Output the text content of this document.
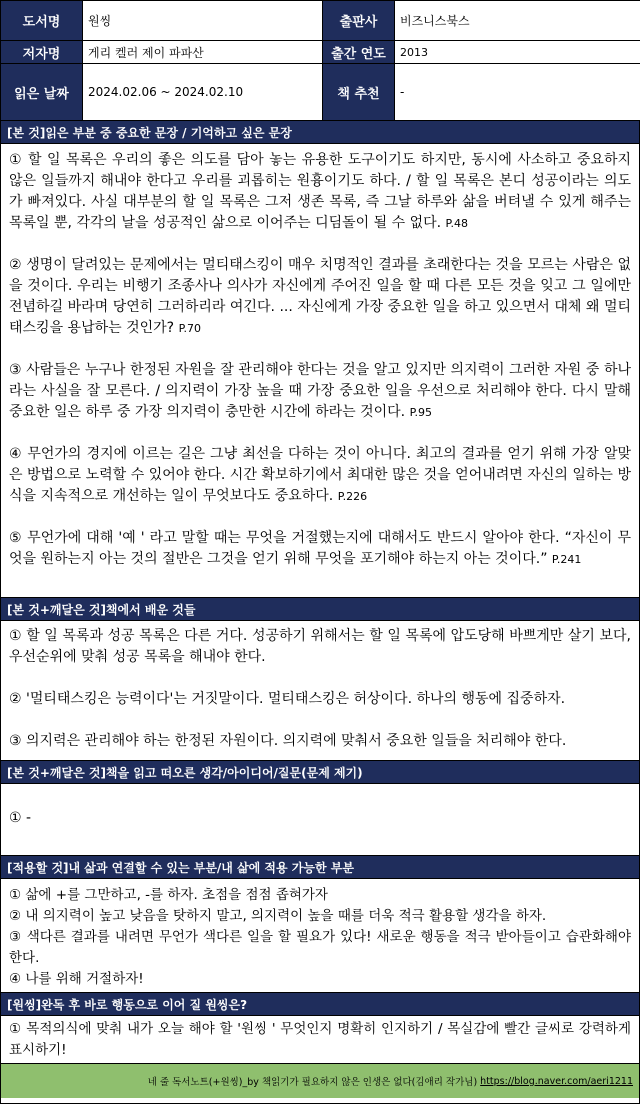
도서명	원씽	출판사	비즈니스북스
저자명	게리 켈러 제이 파파산	출간 연도	2013
읽은 날짜	2024.02.06 ~ 2024.02.10	책 추천	-
[본 것]읽은 부분 중 중요한 문장 / 기억하고 싶은 문장

① 할 일 목록은 우리의 좋은 의도를 담아 놓는 유용한 도구이기도 하지만, 동시에 사소하고 중요하지 않은 일들까지 해내야 한다고 우리를 괴롭히는 원흉이기도 하다. / 할 일 목록은 본디 성공이라는 의도가 빠져있다. 사실 대부분의 할 일 목록은 그저 생존 목록, 즉 그날 하루와 삶을 버텨낼 수 있게 해주는 목록일 뿐, 각각의 날을 성공적인 삶으로 이어주는 디딤돌이 될 수 없다. P.48

② 생명이 달려있는 문제에서는 멀티태스킹이 매우 치명적인 결과를 초래한다는 것을 모르는 사람은 없을 것이다. 우리는 비행기 조종사나 의사가 자신에게 주어진 일을 할 때 다른 모든 것을 잊고 그 일에만 전념하길 바라며 당연히 그러하리라 여긴다. ... 자신에게 가장 중요한 일을 하고 있으면서 대체 왜 멀티태스킹을 용납하는 것인가? P.70

③ 사람들은 누구나 한정된 자원을 잘 관리해야 한다는 것을 알고 있지만 의지력이 그러한 자원 중 하나라는 사실을 잘 모른다. / 의지력이 가장 높을 때 가장 중요한 일을 우선으로 처리해야 한다. 다시 말해 중요한 일은 하루 중 가장 의지력이 충만한 시간에 하라는 것이다. P.95

④ 무언가의 경지에 이르는 길은 그냥 최선을 다하는 것이 아니다. 최고의 결과를 얻기 위해 가장 알맞은 방법으로 노력할 수 있어야 한다. 시간 확보하기에서 최대한 많은 것을 얻어내려면 자신의 일하는 방식을 지속적으로 개선하는 일이 무엇보다도 중요하다. P.226

⑤ 무언가에 대해 '예 ' 라고 말할 때는 무엇을 거절했는지에 대해서도 반드시 알아야 한다. “자신이 무엇을 원하는지 아는 것의 절반은 그것을 얻기 위해 무엇을 포기해야 하는지 아는 것이다.” P.241

[본 것+깨달은 것]책에서 배운 것들

① 할 일 목록과 성공 목록은 다른 거다. 성공하기 위해서는 할 일 목록에 압도당해 바쁘게만 살기 보다, 우선순위에 맞춰 성공 목록을 해내야 한다.

② '멀티태스킹은 능력이다'는 거짓말이다. 멀티태스킹은 허상이다. 하나의 행동에 집중하자.

③ 의지력은 관리해야 하는 한정된 자원이다. 의지력에 맞춰서 중요한 일들을 처리해야 한다.

[본 것+깨달은 것]책을 읽고 떠오른 생각/아이디어/질문(문제 제기)

① -

[적용할 것]내 삶과 연결할 수 있는 부분/내 삶에 적용 가능한 부분

① 삶에 +를 그만하고, -를 하자. 초점을 점점 좁혀가자

② 내 의지력이 높고 낮음을 탓하지 말고, 의지력이 높을 때를 더욱 적극 활용할 생각을 하자.

③ 색다른 결과를 내려면 무언가 색다른 일을 할 필요가 있다! 새로운 행동을 적극 받아들이고 습관화해야 한다.

④ 나를 위해 거절하자!

[원씽]완독 후 바로 행동으로 이어 질 원씽은?

① 목적의식에 맞춰 내가 오늘 해야 할 '원씽 ' 무엇인지 명확히 인지하기 / 목실감에 빨간 글씨로 강력하게 표시하기!

네 줄 독서노트(+원씽)_by 책읽기가 필요하지 않은 인생은 없다(김애리 작가님) https://blog.naver.com/aeri1211
